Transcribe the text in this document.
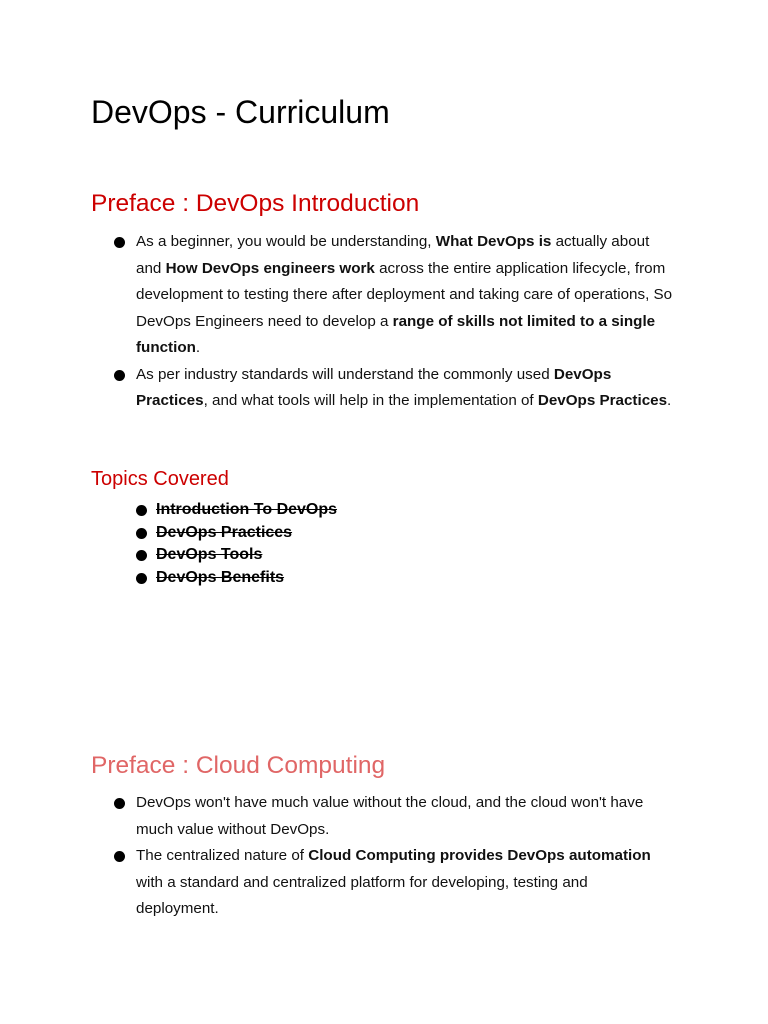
DevOps - Curriculum
Preface : DevOps Introduction
As a beginner, you would be understanding, What DevOps is actually about and How DevOps engineers work across the entire application lifecycle, from development to testing there after deployment and taking care of operations, So DevOps Engineers need to develop a range of skills not limited to a single function.
As per industry standards will understand the commonly used DevOps Practices, and what tools will help in the implementation of DevOps Practices.
Topics Covered
Introduction To DevOps
DevOps Practices
DevOps Tools
DevOps Benefits
Preface : Cloud Computing
DevOps won't have much value without the cloud, and the cloud won't have much value without DevOps.
The centralized nature of Cloud Computing provides DevOps automation with a standard and centralized platform for developing, testing and deployment.
